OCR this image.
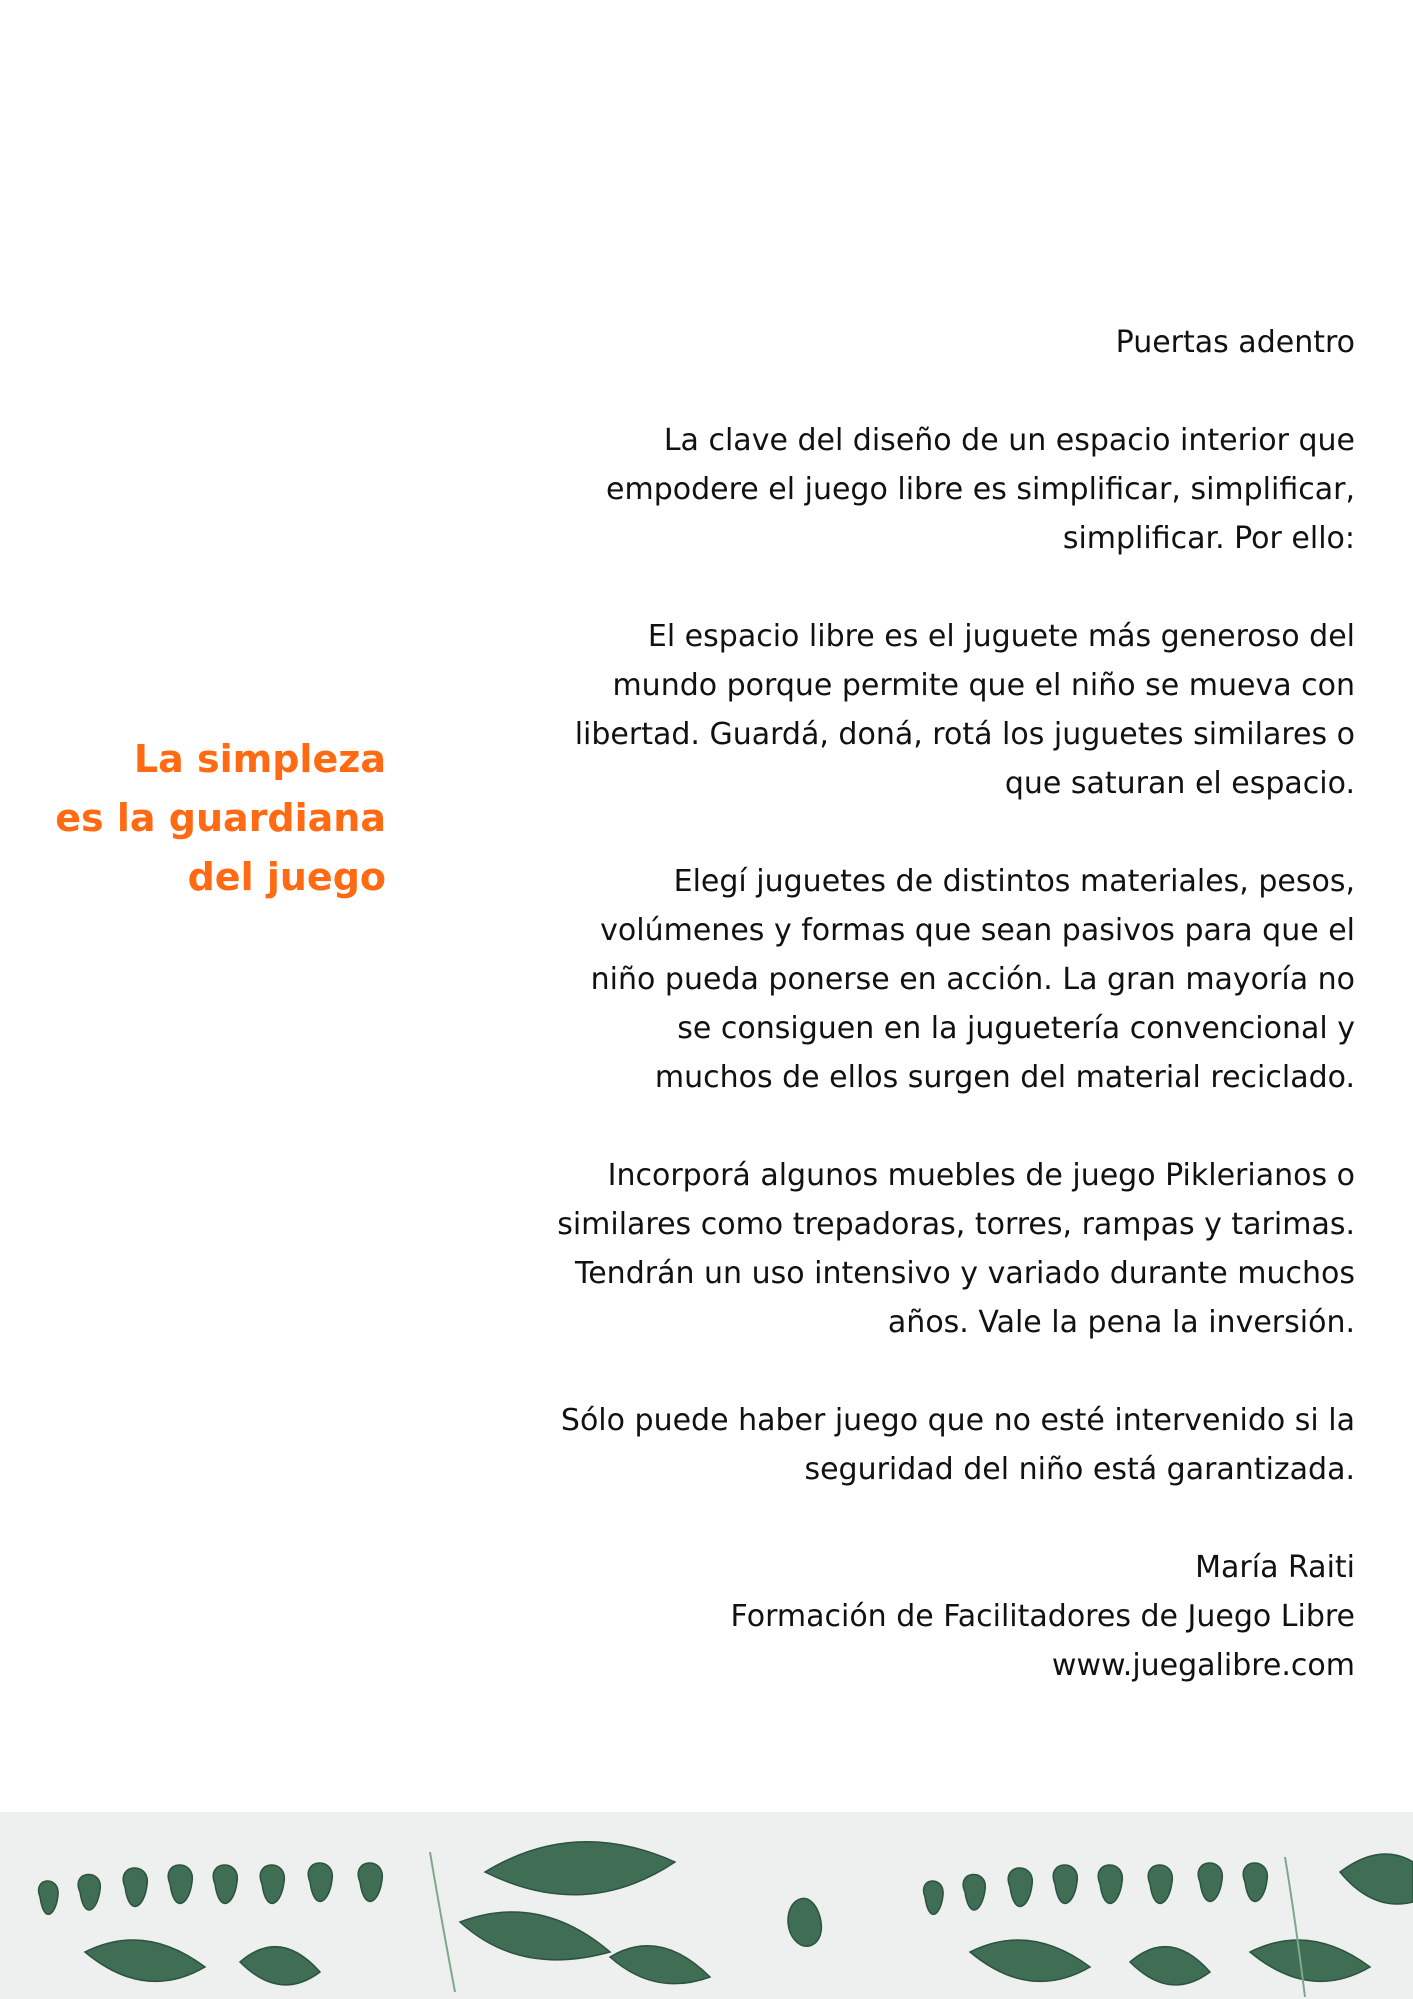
La simpleza
es la guardiana
del juego
Puertas adentro
La clave del diseño de un espacio interior que
empodere el juego libre es simplificar, simplificar,
simplificar. Por ello:
El espacio libre es el juguete más generoso del
mundo porque permite que el niño se mueva con
libertad. Guardá, doná, rotá los juguetes similares o
que saturan el espacio.
Elegí juguetes de distintos materiales, pesos,
volúmenes y formas que sean pasivos para que el
niño pueda ponerse en acción. La gran mayoría no
se consiguen en la juguetería convencional y
muchos de ellos surgen del material reciclado.
Incorporá algunos muebles de juego Piklerianos o
similares como trepadoras, torres, rampas y tarimas.
Tendrán un uso intensivo y variado durante muchos
años. Vale la pena la inversión.
Sólo puede haber juego que no esté intervenido si la
seguridad del niño está garantizada.
María Raiti
Formación de Facilitadores de Juego Libre
www.juegalibre.com
